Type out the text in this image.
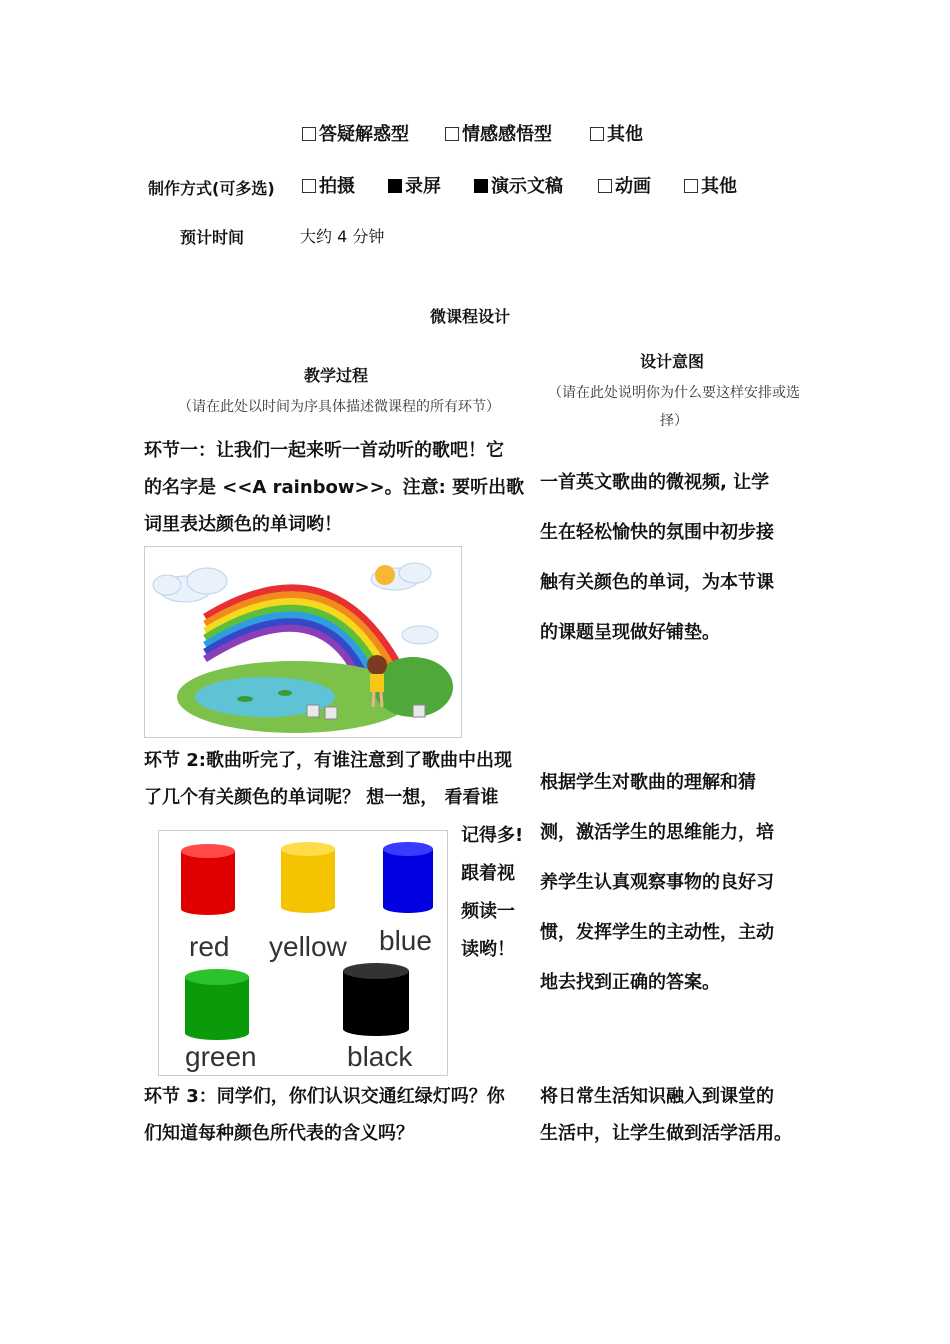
答疑解惑型	情感感悟型	其他
制作方式(可多选)	拍摄	录屏	演示文稿	动画	其他
预计时间	大约 4 分钟
微课程设计
教学过程
（请在此处以时间为序具体描述微课程的所有环节）
设计意图
（请在此处说明你为什么要这样安排或选
择）
环节一：让我们一起来听一首动听的歌吧！它
的名字是 <<A rainbow>>。注意: 要听出歌
词里表达颜色的单词哟！
一首英文歌曲的微视频, 让学
生在轻松愉快的氛围中初步接
触有关颜色的单词，为本节课
的课题呈现做好铺垫。
环节 2:歌曲听完了，有谁注意到了歌曲中出现
了几个有关颜色的单词呢？ 想一想， 看看谁
记得多!
跟着视
频读一
读哟！
根据学生对歌曲的理解和猜
测，激活学生的思维能力，培
养学生认真观察事物的良好习
惯，发挥学生的主动性，主动
地去找到正确的答案。
red yellow blue
green	black
环节 3：同学们，你们认识交通红绿灯吗？你
们知道每种颜色所代表的含义吗？
将日常生活知识融入到课堂的
生活中，让学生做到活学活用。
